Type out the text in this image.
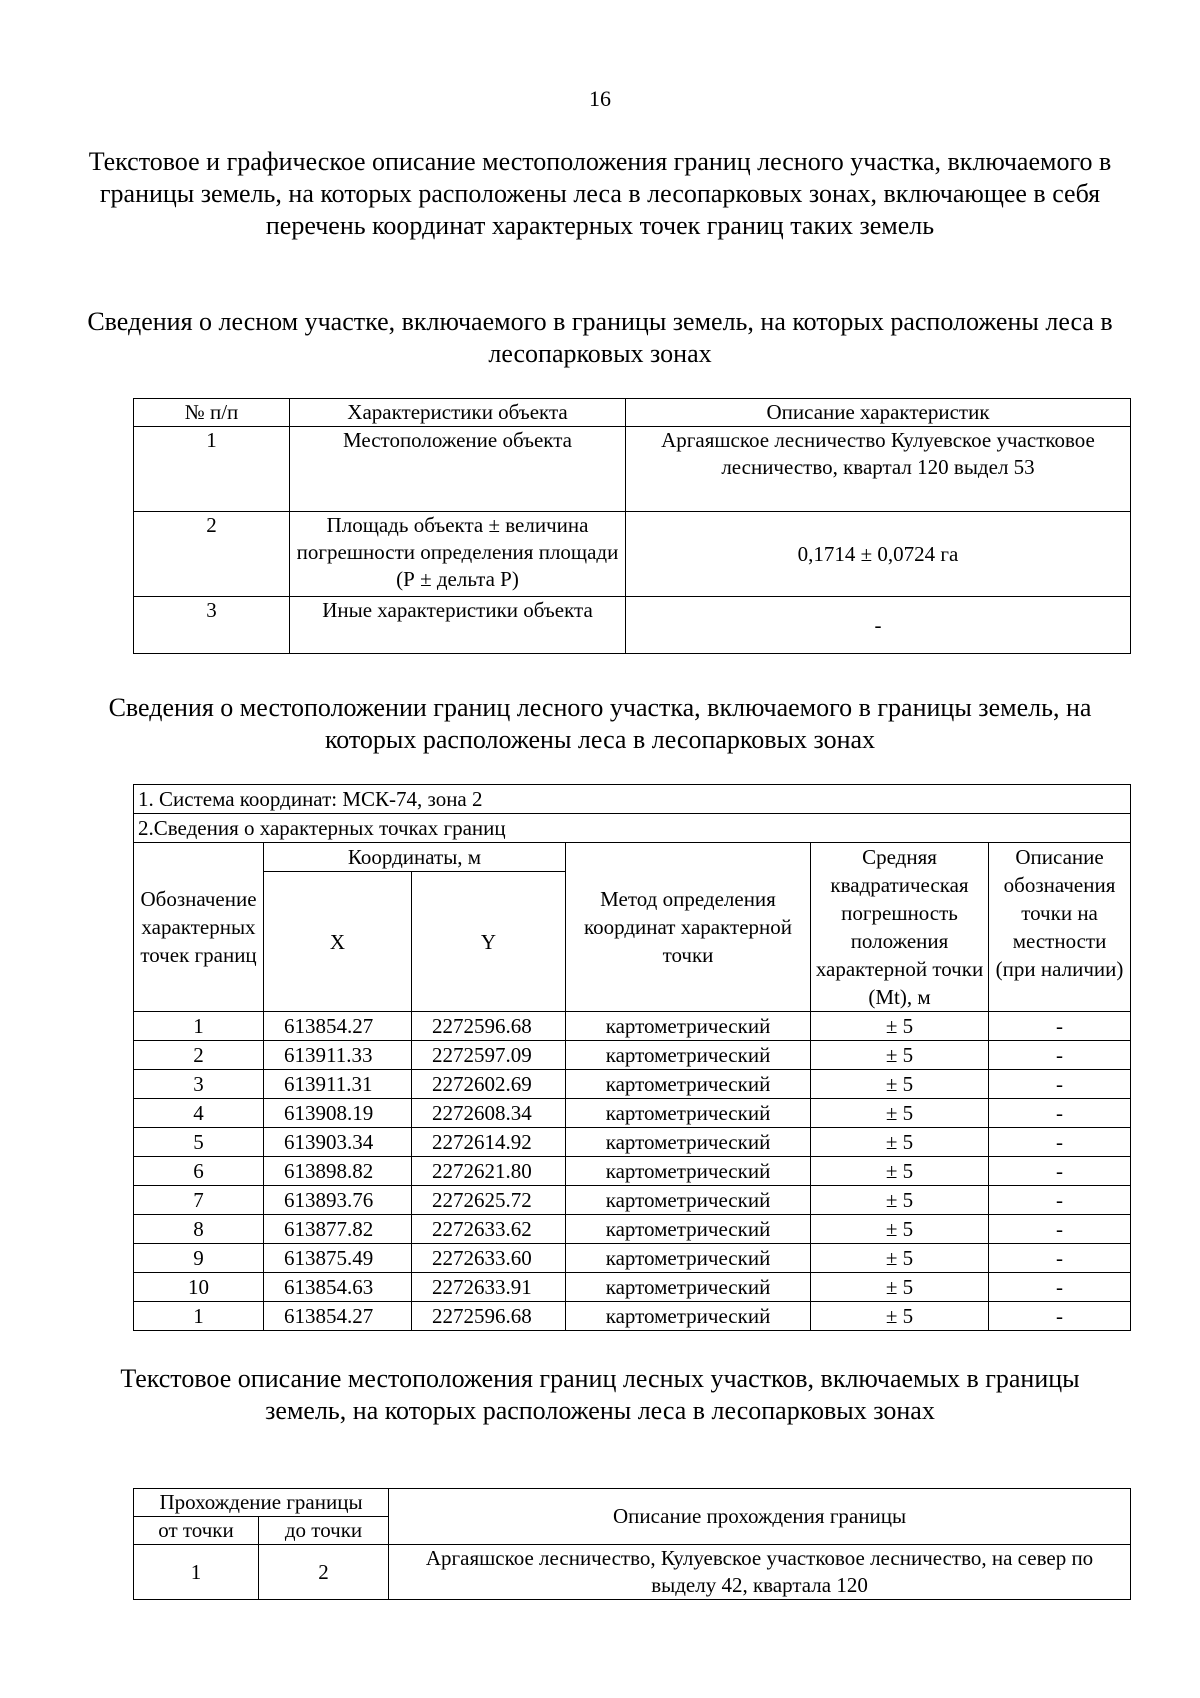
16
Текстовое и графическое описание местоположения границ лесного участка, включаемого в границы земель, на которых расположены леса в лесопарковых зонах, включающее в себя перечень координат характерных точек границ таких земель
Сведения о лесном участке, включаемого в границы земель, на которых расположены леса в лесопарковых зонах
№ п/п	Характеристики объекта	Описание характеристик
1	Местоположение объекта	Аргаяшское лесничество Кулуевское участковое лесничество, квартал 120 выдел 53
2	Площадь объекта ± величина погрешности определения площади (Р ± дельта Р)	0,1714 ± 0,0724 га
3	Иные характеристики объекта	-
Сведения о местоположении границ лесного участка, включаемого в границы земель, на которых расположены леса в лесопарковых зонах
1. Система координат: МСК-74, зона 2					
2.Сведения о характерных точках границ					
Обозначение характерных точек границ	Координаты, м		Метод определения координат характерной точки	Средняя квадратическая погрешность положения характерной точки (Mt), м	Описание обозначения точки на местности (при наличии)
	X	Y			
1	613854.27	2272596.68	картометрический	± 5	-
2	613911.33	2272597.09	картометрический	± 5	-
3	613911.31	2272602.69	картометрический	± 5	-
4	613908.19	2272608.34	картометрический	± 5	-
5	613903.34	2272614.92	картометрический	± 5	-
6	613898.82	2272621.80	картометрический	± 5	-
7	613893.76	2272625.72	картометрический	± 5	-
8	613877.82	2272633.62	картометрический	± 5	-
9	613875.49	2272633.60	картометрический	± 5	-
10	613854.63	2272633.91	картометрический	± 5	-
1	613854.27	2272596.68	картометрический	± 5	-
Текстовое описание местоположения границ лесных участков, включаемых в границы земель, на которых расположены леса в лесопарковых зонах
Прохождение границы		Описание прохождения границы
от точки	до точки	
1	2	Аргаяшское лесничество, Кулуевское участковое лесничество, на север по выделу 42, квартала 120
